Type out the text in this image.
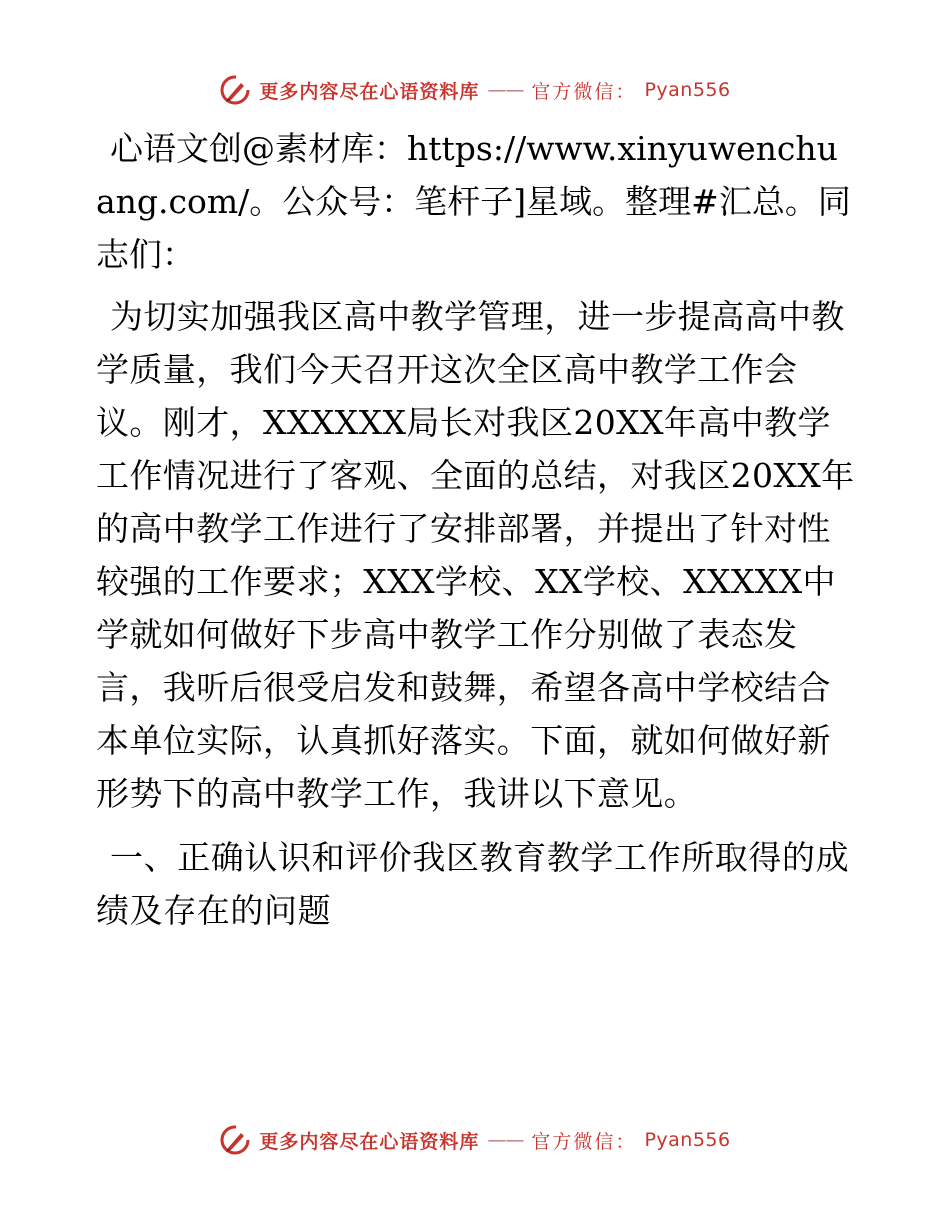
更多内容尽在心语资料库 —— 官方微信： Pyan556

心语文创@素材库：https://www.xinyuwenchuang.com/。公众号：笔杆子]星域。整理#汇总。同志们：

为切实加强我区高中教学管理，进一步提高高中教学质量，我们今天召开这次全区高中教学工作会议。刚才，XXXXXX局长对我区20XX年高中教学工作情况进行了客观、全面的总结，对我区20XX年的高中教学工作进行了安排部署，并提出了针对性较强的工作要求；XXX学校、XX学校、XXXXX中学就如何做好下步高中教学工作分别做了表态发言，我听后很受启发和鼓舞，希望各高中学校结合本单位实际，认真抓好落实。下面，就如何做好新形势下的高中教学工作，我讲以下意见。

一、正确认识和评价我区教育教学工作所取得的成绩及存在的问题

更多内容尽在心语资料库 —— 官方微信： Pyan556
